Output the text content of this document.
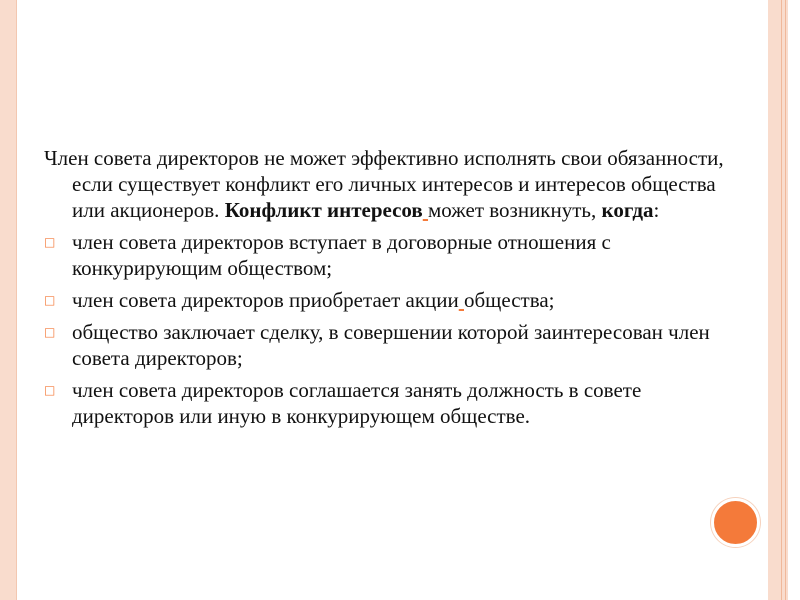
Член совета директоров не может эффективно исполнять свои обязанности, если существует конфликт его личных интересов и интересов общества или акционеров. Конфликт интересов может возникнуть, когда:

□ член совета директоров вступает в договорные отношения с конкурирующим обществом;
□ член совета директоров приобретает акции общества;
□ общество заключает сделку, в совершении которой заинтересован член совета директоров;
□ член совета директоров соглашается занять должность в совете директоров или иную в конкурирующем обществе.
